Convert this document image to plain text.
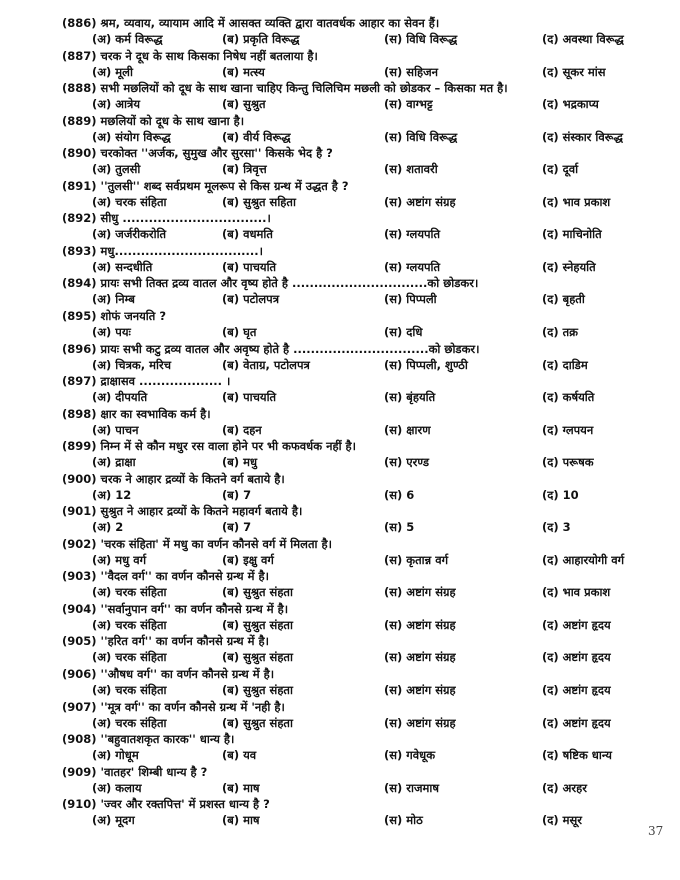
(886) श्रम, व्यवाय, व्यायाम आदि में आसक्त व्यक्ति द्वारा वातवर्धक आहार का सेवन हैं।
(अ) कर्म विरूद्ध	(ब) प्रकृति विरूद्ध	(स) विधि विरूद्ध	(द) अवस्था विरूद्ध
(887) चरक ने दूध के साथ किसका निषेध नहीं बतलाया है।
(अ) मूली	(ब) मत्स्य	(स) सहिजन	(द) सूकर मांस
(888) सभी मछलियों को दूध के साथ खाना चाहिए किन्तु चिलिचिम मछली को छोडकर – किसका मत है।
(अ) आत्रेय	(ब) सुश्रुत	(स) वाग्भट्ट	(द) भद्रकाप्य
(889) मछलियों को दूध के साथ खाना है।
(अ) संयोग विरूद्ध	(ब) वीर्य विरूद्ध	(स) विधि विरूद्ध	(द) संस्कार विरूद्ध
(890) चरकोक्त ''अर्जक, सुमुख और सुरसा'' किसके भेद है ?
(अ) तुलसी	(ब) त्रिवृत्त	(स) शतावरी	(द) दूर्वा
(891) ''तुलसी'' शब्द सर्वप्रथम मूलरूप से किस ग्रन्थ में उद्धत है ?
(अ) चरक संहिता	(ब) सुश्रुत सहिता	(स) अष्टांग संग्रह	(द) भाव प्रकाश
(892) सीधु .................................।
(अ) जर्जरीकरोति	(ब) वधमति	(स) ग्लयपति	(द) माचिनोति
(893) मधु.................................।
(अ) सन्दधीति	(ब) पाचयति	(स) ग्लयपति	(द) स्नेहयति
(894) प्रायः सभी तिक्त द्रव्य वातल और वृष्य होते है ...............................को छोडकर।
(अ) निम्ब	(ब) पटोलपत्र	(स) पिप्पली	(द) बृहती
(895) शोफं जनयति ?
(अ) पयः	(ब) घृत	(स) दधि	(द) तक्र
(896) प्रायः सभी कटु द्रव्य वातल और अवृष्य होते है ...............................को छोडकर।
(अ) चित्रक, मरिच	(ब) वेताग्र, पटोलपत्र	(स) पिप्पली, शुण्ठी	(द) दाडिम
(897) द्राक्षासव ................... ।
(अ) दीपयति	(ब) पाचयति	(स) बृंहयति	(द) कर्षयति
(898) क्षार का स्वभाविक कर्म है।
(अ) पाचन	(ब) दहन	(स) क्षारण	(द) ग्लपयन
(899) निम्न में से कौन मधुर रस वाला होने पर भी कफवर्धक नहीं है।
(अ) द्राक्षा	(ब) मधु	(स) एरण्ड	(द) परूषक
(900) चरक ने आहार द्रव्यों के कितने वर्ग बताये है।
(अ) 12	(ब) 7	(स) 6	(द) 10
(901) सुश्रुत ने आहार द्रव्यों के कितने महावर्ग बताये है।
(अ) 2	(ब) 7	(स) 5	(द) 3
(902) 'चरक संहिता' में मधु का वर्णन कौनसे वर्ग में मिलता है।
(अ) मधु वर्ग	(ब) इक्षु वर्ग	(स) कृतान्न वर्ग	(द) आहारयोगी वर्ग
(903) ''वैदल वर्ग'' का वर्णन कौनसे ग्रन्थ में है।
(अ) चरक संहिता	(ब) सुश्रुत संहता	(स) अष्टांग संग्रह	(द) भाव प्रकाश
(904) ''सर्वानुपान वर्ग'' का वर्णन कौनसे ग्रन्थ में है।
(अ) चरक संहिता	(ब) सुश्रुत संहता	(स) अष्टांग संग्रह	(द) अष्टांग हृदय
(905) ''हरित वर्ग'' का वर्णन कौनसे ग्रन्थ में है।
(अ) चरक संहिता	(ब) सुश्रुत संहता	(स) अष्टांग संग्रह	(द) अष्टांग हृदय
(906) ''औषध वर्ग'' का वर्णन कौनसे ग्रन्थ में है।
(अ) चरक संहिता	(ब) सुश्रुत संहता	(स) अष्टांग संग्रह	(द) अष्टांग हृदय
(907) ''मूत्र वर्ग'' का वर्णन कौनसे ग्रन्थ में 'नही है।
(अ) चरक संहिता	(ब) सुश्रुत संहता	(स) अष्टांग संग्रह	(द) अष्टांग हृदय
(908) ''बहुवातशकृत कारक'' धान्य है।
(अ) गोधूम	(ब) यव	(स) गवेधूक	(द) षष्टिक धान्य
(909) 'वातहर' शिम्बी धान्य है ?
(अ) कलाय	(ब) माष	(स) राजमाष	(द) अरहर
(910) 'ज्वर और रक्तपित्त' में प्रशस्त धान्य है ?
(अ) मूदग	(ब) माष	(स) मोठ	(द) मसूर
37
